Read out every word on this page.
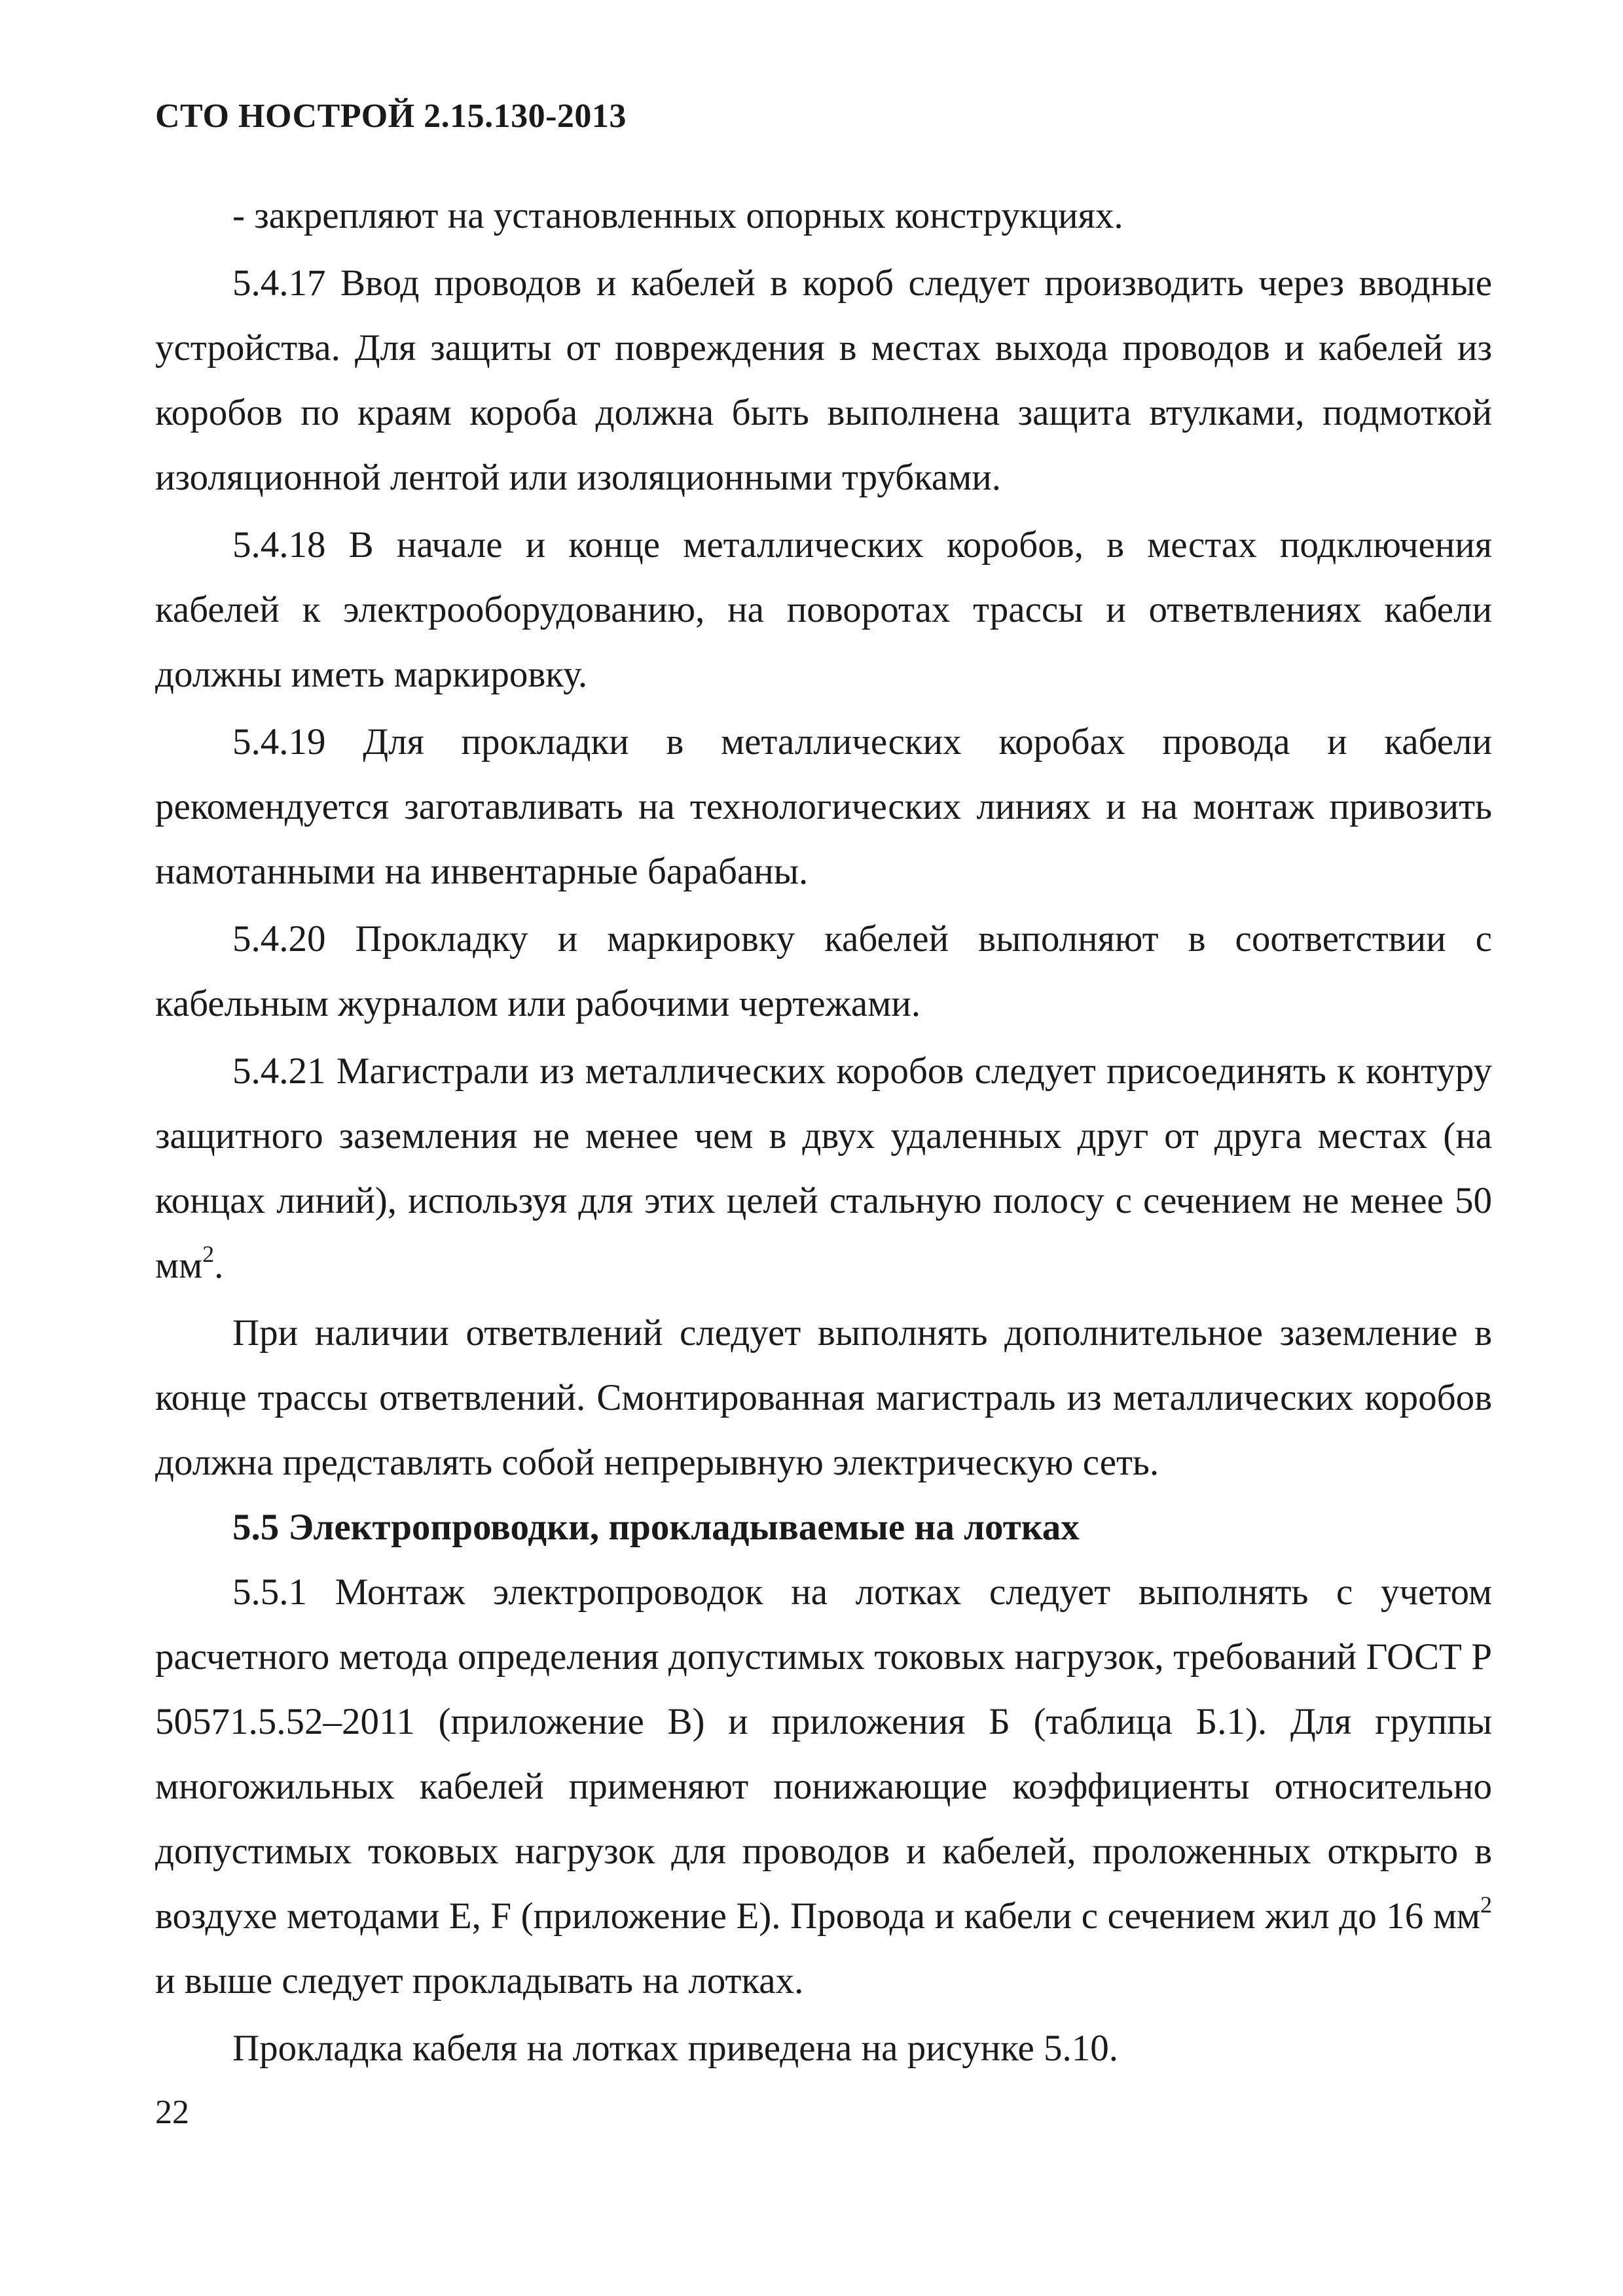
СТО НОСТРОЙ 2.15.130-2013

- закрепляют на установленных опорных конструкциях.

5.4.17 Ввод проводов и кабелей в короб следует производить через вводные устройства. Для защиты от повреждения в местах выхода проводов и кабелей из коробов по краям короба должна быть выполнена защита втулками, подмоткой изоляционной лентой или изоляционными трубками.

5.4.18 В начале и конце металлических коробов, в местах подключения кабелей к электрооборудованию, на поворотах трассы и ответвлениях кабели должны иметь маркировку.

5.4.19 Для прокладки в металлических коробах провода и кабели рекомендуется заготавливать на технологических линиях и на монтаж привозить намотанными на инвентарные барабаны.

5.4.20 Прокладку и маркировку кабелей выполняют в соответствии с кабельным журналом или рабочими чертежами.

5.4.21 Магистрали из металлических коробов следует присоединять к контуру защитного заземления не менее чем в двух удаленных друг от друга местах (на концах линий), используя для этих целей стальную полосу с сечением не менее 50 $мм^2$.

При наличии ответвлений следует выполнять дополнительное заземление в конце трассы ответвлений. Смонтированная магистраль из металлических коробов должна представлять собой непрерывную электрическую сеть.

5.5 Электропроводки, прокладываемые на лотках

5.5.1 Монтаж электропроводок на лотках следует выполнять с учетом расчетного метода определения допустимых токовых нагрузок, требований ГОСТ Р 50571.5.52–2011 (приложение В) и приложения Б (таблица Б.1). Для группы многожильных кабелей применяют понижающие коэффициенты относительно допустимых токовых нагрузок для проводов и кабелей, проложенных открыто в воздухе методами Е, F (приложение Е). Провода и кабели с сечением жил до 16 $мм^2$ и выше следует прокладывать на лотках.

Прокладка кабеля на лотках приведена на рисунке 5.10.

22
